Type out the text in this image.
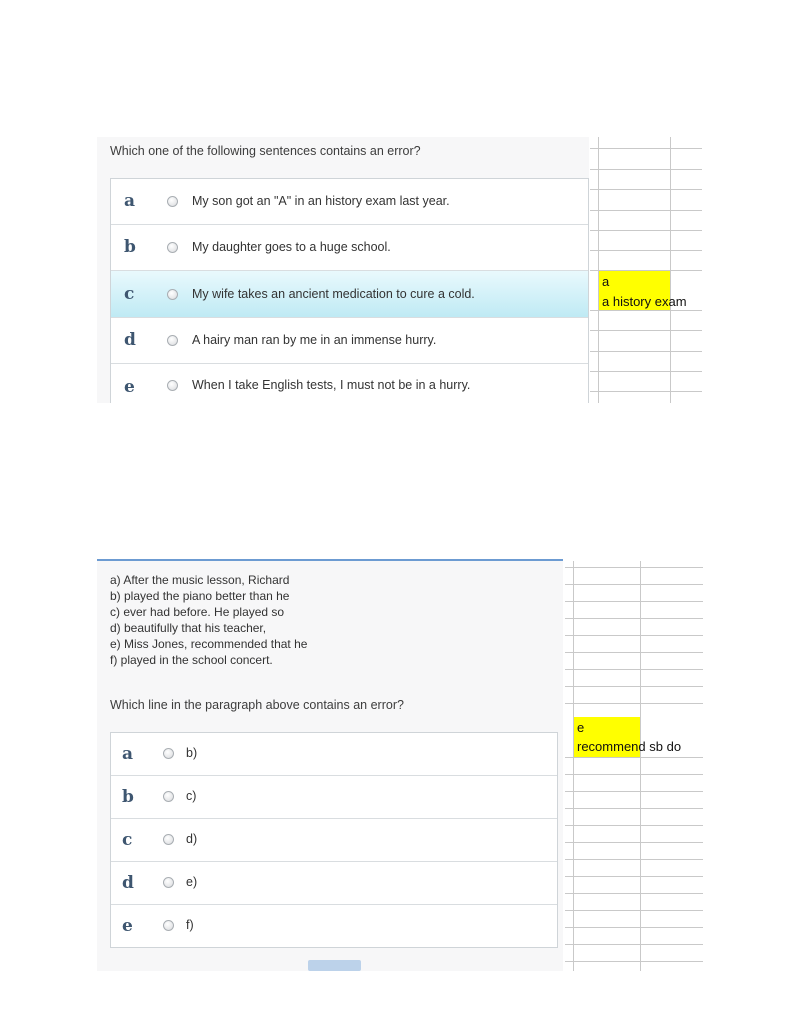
Which one of the following sentences contains an error?
a	My son got an "A" in an history exam last year.
b	My daughter goes to a huge school.
c	My wife takes an ancient medication to cure a cold.
d	A hairy man ran by me in an immense hurry.
e	When I take English tests, I must not be in a hurry.
a
a history exam
a) After the music lesson, Richard
b) played the piano better than he
c) ever had before. He played so
d) beautifully that his teacher,
e) Miss Jones, recommended that he
f) played in the school concert.
Which line in the paragraph above contains an error?
a	b)
b	c)
c	d)
d	e)
e	f)
e
recommend sb do
